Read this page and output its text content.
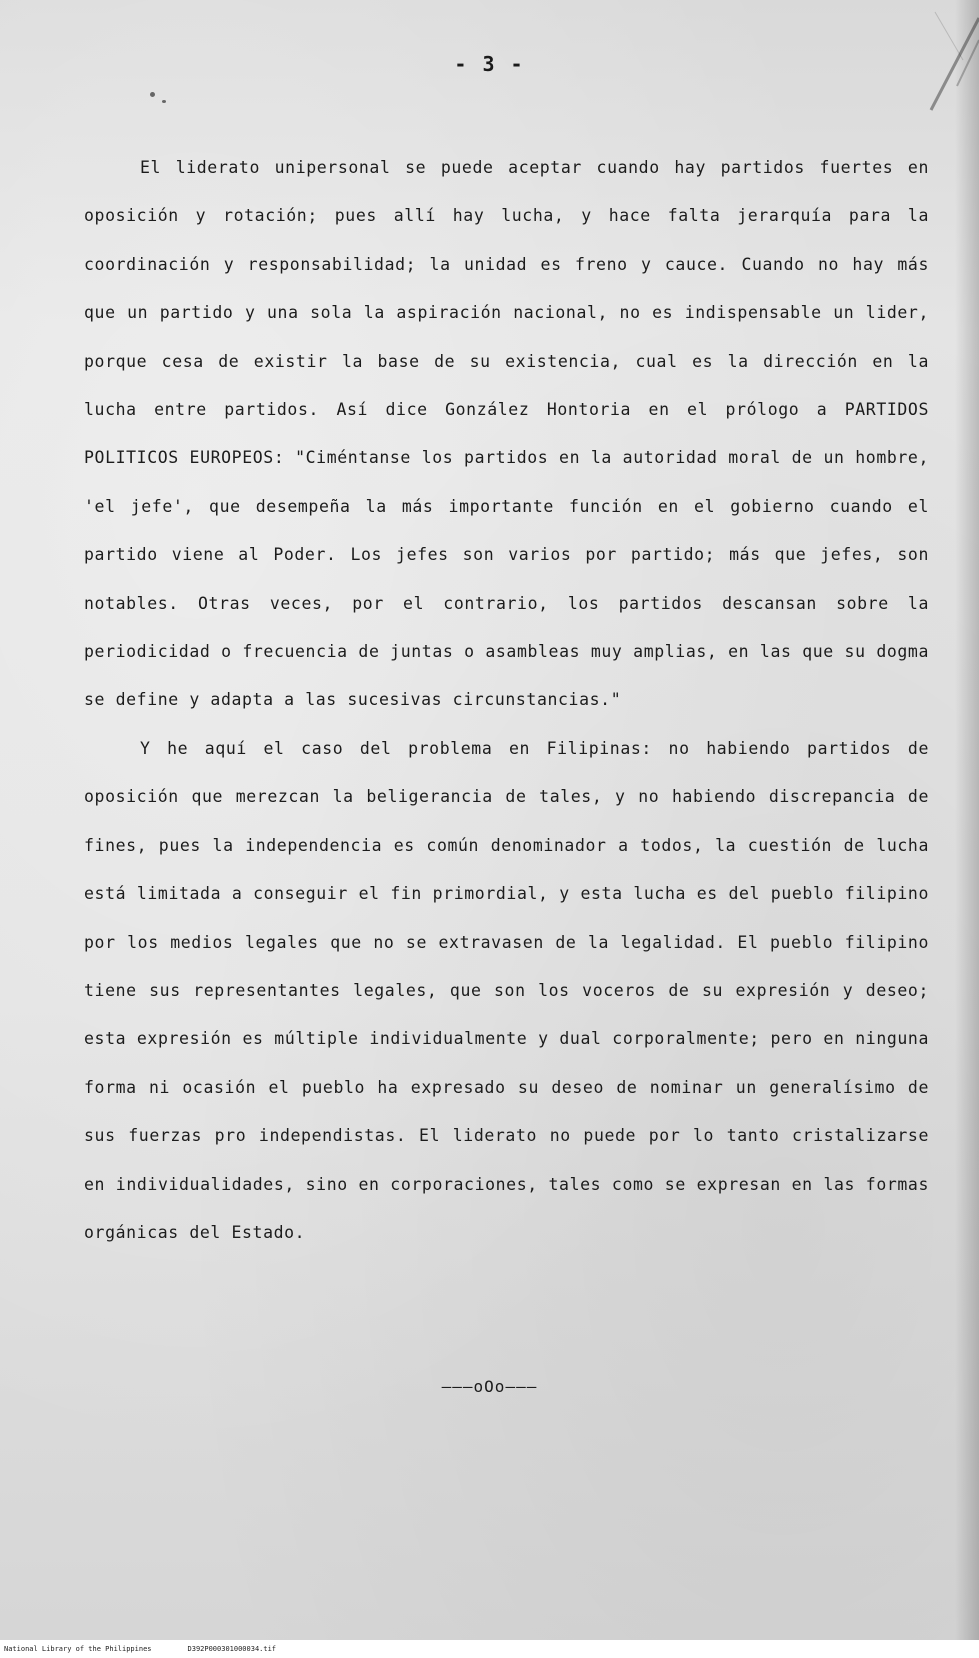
- 3 -

El liderato unipersonal se puede aceptar cuando hay partidos fuertes en oposición y rotación; pues allí hay lucha, y hace falta jerarquía para la coordinación y responsabilidad; la unidad es freno y cauce. Cuando no hay más que un partido y una sola la aspiración nacional, no es indispensable un lider, porque cesa de existir la base de su existencia, cual es la dirección en la lucha entre partidos. Así dice González Hontoria en el prólogo a PARTIDOS POLITICOS EUROPEOS: "Ciméntanse los partidos en la autoridad moral de un hombre, 'el jefe', que desempeña la más importante función en el gobierno cuando el partido viene al Poder. Los jefes son varios por partido; más que jefes, son notables. Otras veces, por el contrario, los partidos descansan sobre la periodicidad o frecuencia de juntas o asambleas muy amplias, en las que su dogma se define y adapta a las sucesivas circunstancias."

Y he aquí el caso del problema en Filipinas: no habiendo partidos de oposición que merezcan la beligerancia de tales, y no habiendo discrepancia de fines, pues la independencia es común denominador a todos, la cuestión de lucha está limitada a conseguir el fin primordial, y esta lucha es del pueblo filipino por los medios legales que no se extravasen de la legalidad. El pueblo filipino tiene sus representantes legales, que son los voceros de su expresión y deseo; esta expresión es múltiple individualmente y dual corporalmente; pero en ninguna forma ni ocasión el pueblo ha expresado su deseo de nominar un generalísimo de sus fuerzas pro independistas. El liderato no puede por lo tanto cristalizarse en individualidades, sino en corporaciones, tales como se expresan en las formas orgánicas del Estado.

———oOo———
National Library of the Philippines	D392P000301000034.tif
